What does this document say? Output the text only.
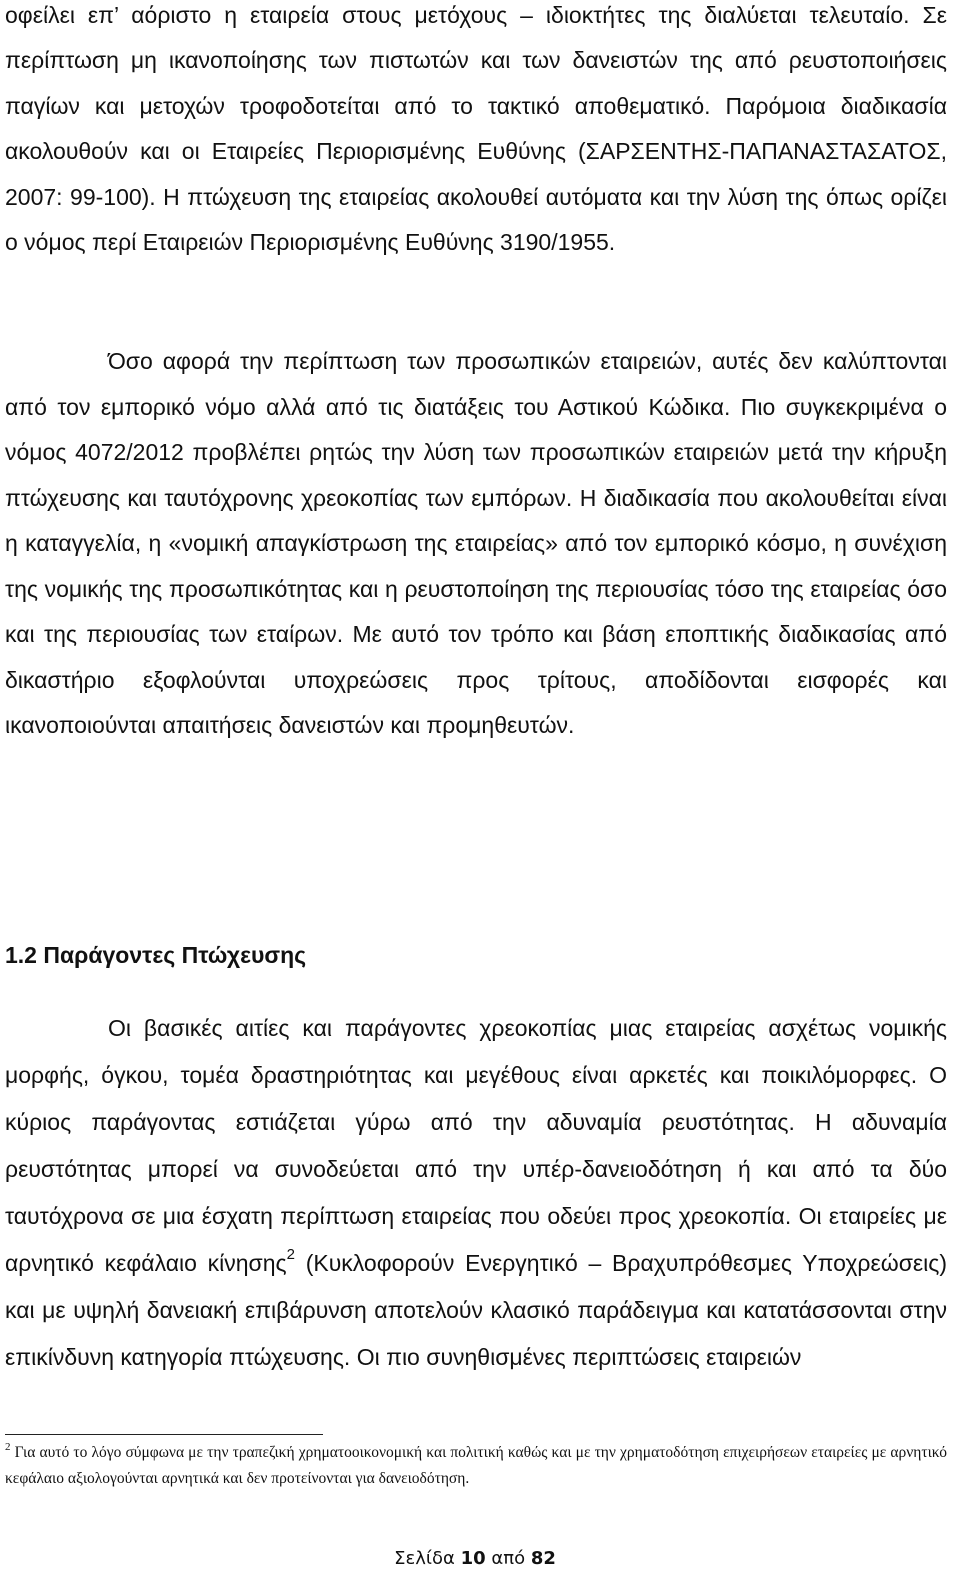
οφείλει επ’ αόριστο η εταιρεία στους μετόχους – ιδιοκτήτες της διαλύεται τελευταίο. Σε περίπτωση μη ικανοποίησης των πιστωτών και των δανειστών της από ρευστοποιήσεις παγίων και μετοχών τροφοδοτείται από το τακτικό αποθεματικό. Παρόμοια διαδικασία ακολουθούν και οι Εταιρείες Περιορισμένης Ευθύνης (ΣΑΡΣΕΝΤΗΣ-ΠΑΠΑΝΑΣΤΑΣΑΤΟΣ, 2007: 99-100). Η πτώχευση της εταιρείας ακολουθεί αυτόματα και την λύση της όπως ορίζει ο νόμος περί Εταιρειών Περιορισμένης Ευθύνης 3190/1955.

Όσο αφορά την περίπτωση των προσωπικών εταιρειών, αυτές δεν καλύπτονται από τον εμπορικό νόμο αλλά από τις διατάξεις του Αστικού Κώδικα. Πιο συγκεκριμένα ο νόμος 4072/2012 προβλέπει ρητώς την λύση των προσωπικών εταιρειών μετά την κήρυξη πτώχευσης και ταυτόχρονης χρεοκοπίας των εμπόρων. Η διαδικασία που ακολουθείται είναι η καταγγελία, η «νομική απαγκίστρωση της εταιρείας» από τον εμπορικό κόσμο, η συνέχιση της νομικής της προσωπικότητας και η ρευστοποίηση της περιουσίας τόσο της εταιρείας όσο και της περιουσίας των εταίρων. Με αυτό τον τρόπο και βάση εποπτικής διαδικασίας από δικαστήριο εξοφλούνται υποχρεώσεις προς τρίτους, αποδίδονται εισφορές και ικανοποιούνται απαιτήσεις δανειστών και προμηθευτών.

1.2 Παράγοντες Πτώχευσης

Οι βασικές αιτίες και παράγοντες χρεοκοπίας μιας εταιρείας ασχέτως νομικής μορφής, όγκου, τομέα δραστηριότητας και μεγέθους είναι αρκετές και ποικιλόμορφες. Ο κύριος παράγοντας εστιάζεται γύρω από την αδυναμία ρευστότητας. Η αδυναμία ρευστότητας μπορεί να συνοδεύεται από την υπέρ-δανειοδότηση ή και από τα δύο ταυτόχρονα σε μια έσχατη περίπτωση εταιρείας που οδεύει προς χρεοκοπία. Οι εταιρείες με αρνητικό κεφάλαιο κίνησης$^2$ (Κυκλοφορούν Ενεργητικό – Βραχυπρόθεσμες Υποχρεώσεις) και με υψηλή δανειακή επιβάρυνση αποτελούν κλασικό παράδειγμα και κατατάσσονται στην επικίνδυνη κατηγορία πτώχευσης. Οι πιο συνηθισμένες περιπτώσεις εταιρειών

$^2$ Για αυτό το λόγο σύμφωνα με την τραπεζική χρηματοοικονομική και πολιτική καθώς και με την χρηματοδότηση επιχειρήσεων εταιρείες με αρνητικό κεφάλαιο αξιολογούνται αρνητικά και δεν προτείνονται για δανειοδότηση.

Σελίδα 10 από 82
